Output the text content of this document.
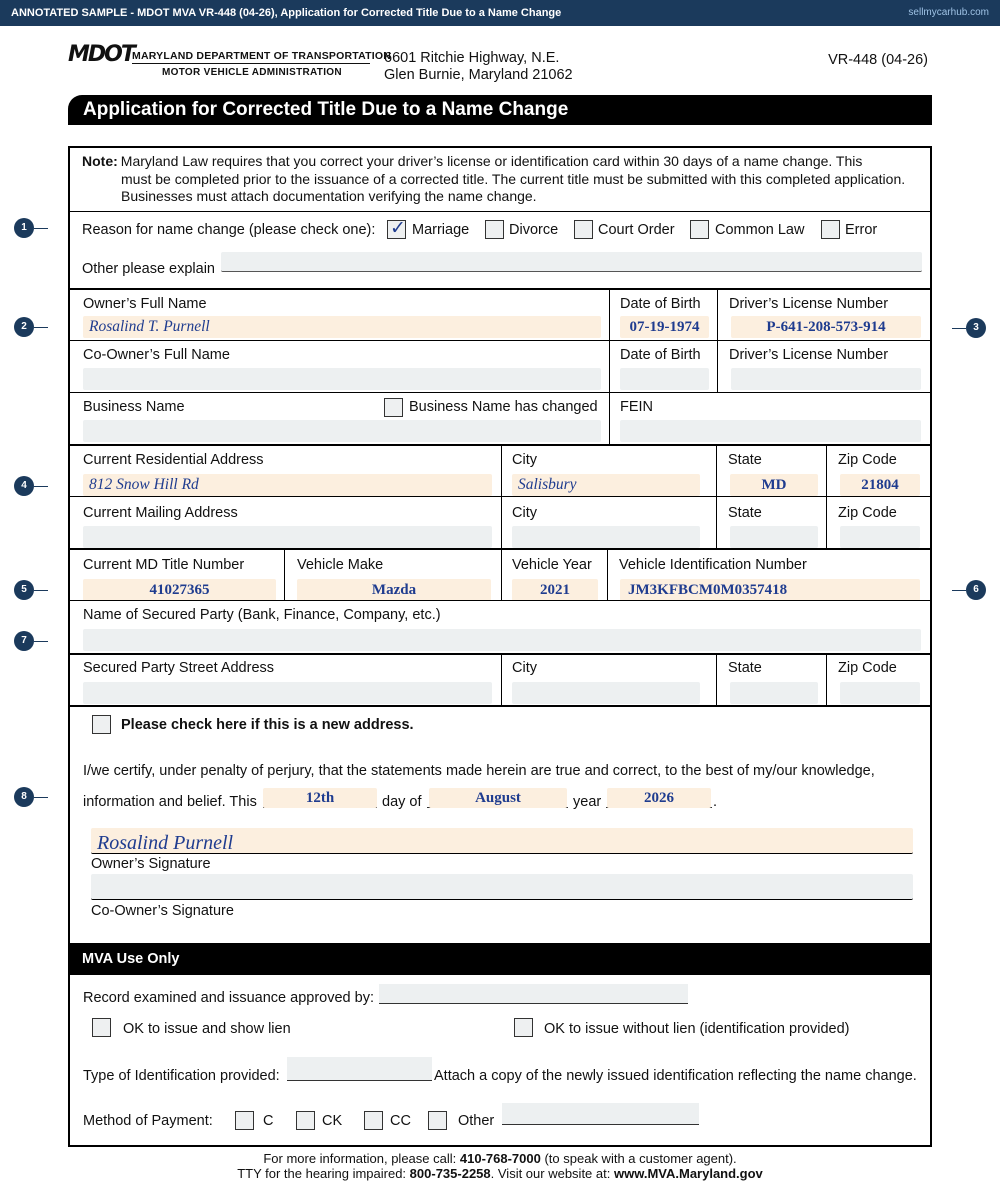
ANNOTATED SAMPLE - MDOT MVA VR-448 (04-26), Application for Corrected Title Due to a Name Change	sellmycarhub.com
MDOT
MARYLAND DEPARTMENT OF TRANSPORTATION
MOTOR VEHICLE ADMINISTRATION
6601 Ritchie Highway, N.E.
Glen Burnie, Maryland 21062
VR-448 (04-26)
Application for Corrected Title Due to a Name Change
1
2	3
4
5	6
7
8
Note: Maryland Law requires that you correct your driver’s license or identification card within 30 days of a name change. This
must be completed prior to the issuance of a corrected title. The current title must be submitted with this completed application. Businesses must attach documentation verifying the name change.
Reason for name change (please check one):
✓	Marriage	Divorce	Court Order	Common Law	Error
Other please explain
Owner’s Full Name
Rosalind T. Purnell
Date of Birth
07-19-1974
Driver’s License Number
P-641-208-573-914
Co-Owner’s Full Name	Date of Birth Driver’s License Number
Business Name	Business Name has changed FEIN
Current Residential Address
812 Snow Hill Rd
City
Salisbury
State
MD
Zip Code
21804
Current Mailing Address	City	State	Zip Code
Current MD Title Number
41027365
Vehicle Make
Mazda
Vehicle Year
2021
Vehicle Identification Number
JM3KFBCM0M0357418
Name of Secured Party (Bank, Finance, Company, etc.)
Secured Party Street Address	City	State	Zip Code
Please check here if this is a new address.
I/we certify, under penalty of perjury, that the statements made herein are true and correct, to the best of my/our knowledge,
information and belief. This	12th	day of	August	year	2026	.
Rosalind Purnell
Owner’s Signature
Co-Owner’s Signature
MVA Use Only
Record examined and issuance approved by:
OK to issue and show lien	OK to issue without lien (identification provided)
Type of Identification provided:	Attach a copy of the newly issued identification reflecting the name change.
Method of Payment:	C	CK	CC	Other
For more information, please call: 410-768-7000 (to speak with a customer agent).
TTY for the hearing impaired: 800-735-2258. Visit our website at: www.MVA.Maryland.gov
